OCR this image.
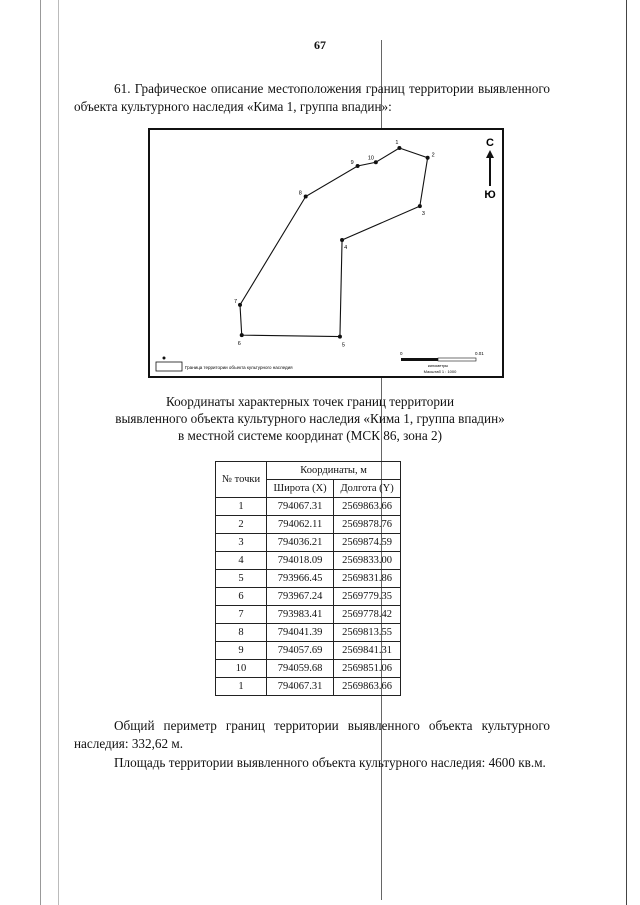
67
61. Графическое описание местоположения границ территории выявленного объекта культурного наследия «Кима 1, группа впадин»:
1
2
3
4
5
6
7
8
9
10
С
Ю
Граница территории объекта культурного наследия
0	0.01
километры
Масштаб 1 : 1000
Координаты характерных точек границ территории
выявленного объекта культурного наследия «Кима 1, группа впадин»
в местной системе координат (МСК 86, зона 2)
№ точки	Координаты, м	
	Широта (X)	Долгота (Y)
1	794067.31	2569863.66
2	794062.11	2569878.76
3	794036.21	2569874.59
4	794018.09	2569833.00
5	793966.45	2569831.86
6	793967.24	2569779.35
7	793983.41	2569778.42
8	794041.39	2569813.55
9	794057.69	2569841.31
10	794059.68	2569851.06
1	794067.31	2569863.66
Общий периметр границ территории выявленного объекта культурного наследия: 332,62 м.
Площадь территории выявленного объекта культурного наследия: 4600 кв.м.
